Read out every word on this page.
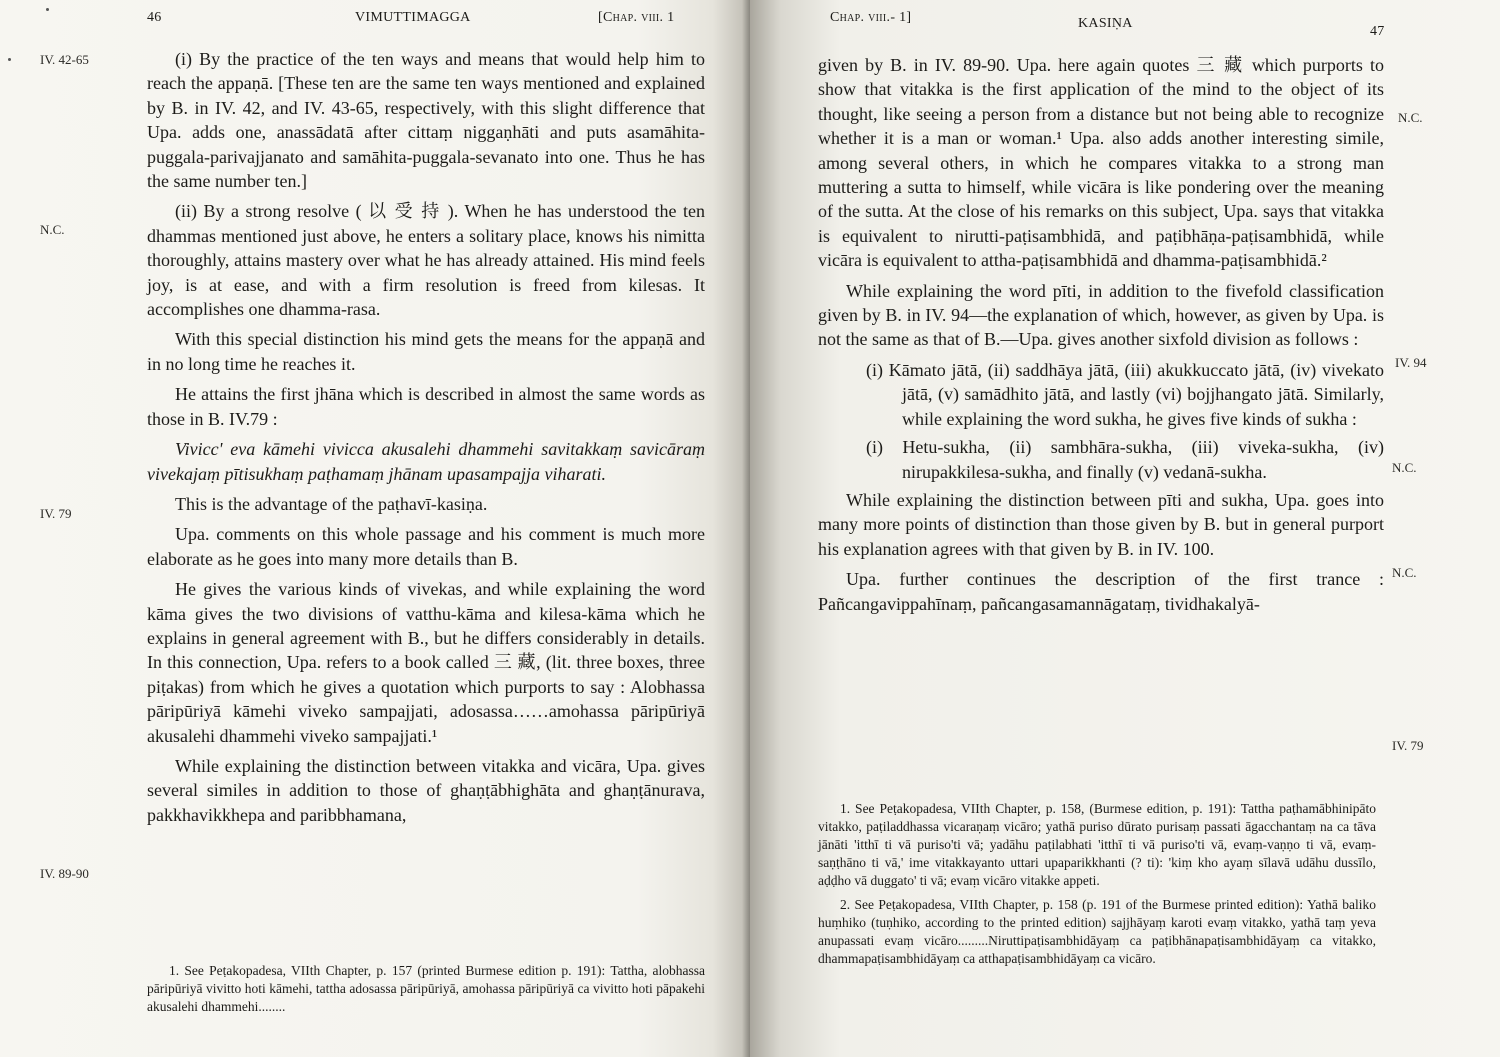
46	VIMUTTIMAGGA	[Chap. viii. 1
IV. 42-65
N.C.
IV. 79
IV. 89-90

(i) By the practice of the ten ways and means that would help him to reach the appaṇā. [These ten are the same ten ways mentioned and explained by B. in IV. 42, and IV. 43-65, respectively, with this slight difference that Upa. adds one, anassādatā after cittaṃ niggaṇhāti and puts asamāhita-puggala-parivajjanato and samāhita-puggala-sevanato into one. Thus he has the same number ten.]

(ii) By a strong resolve ( 以 受 持 ). When he has understood the ten dhammas mentioned just above, he enters a solitary place, knows his nimitta thoroughly, attains mastery over what he has already attained. His mind feels joy, is at ease, and with a firm resolution is freed from kilesas. It accomplishes one dhamma-rasa.

With this special distinction his mind gets the means for the appaṇā and in no long time he reaches it.

He attains the first jhāna which is described in almost the same words as those in B. IV.79 :

Vivicc' eva kāmehi vivicca akusalehi dhammehi savitakkaṃ savicāraṃ vivekajaṃ pītisukhaṃ paṭhamaṃ jhānam upasampajja viharati.

This is the advantage of the paṭhavī-kasiṇa.

Upa. comments on this whole passage and his comment is much more elaborate as he goes into many more details than B.

He gives the various kinds of vivekas, and while explaining the word kāma gives the two divisions of vatthu-kāma and kilesa-kāma which he explains in general agreement with B., but he differs considerably in details. In this connection, Upa. refers to a book called 三 藏, (lit. three boxes, three piṭakas) from which he gives a quotation which purports to say : Alobhassa pāripūriyā kāmehi viveko sampajjati, adosassa……amohassa pāripūriyā akusalehi dhammehi viveko sampajjati.¹

While explaining the distinction between vitakka and vicāra, Upa. gives several similes in addition to those of ghaṇṭābhighāta and ghaṇṭānurava, pakkhavikkhepa and paribbhamana,

1. See Peṭakopadesa, VIIth Chapter, p. 157 (printed Burmese edition p. 191): Tattha, alobhassa pāripūriyā vivitto hoti kāmehi, tattha adosassa pāripūriyā, amohassa pāripūriyā ca vivitto hoti pāpakehi akusalehi dhammehi........

Chap. viii.- 1]	KASIṆA
47
N.C.
IV. 94
N.C.
N.C.
IV. 79

given by B. in IV. 89-90. Upa. here again quotes 三 藏 which purports to show that vitakka is the first application of the mind to the object of its thought, like seeing a person from a distance but not being able to recognize whether it is a man or woman.¹ Upa. also adds another interesting simile, among several others, in which he compares vitakka to a strong man muttering a sutta to himself, while vicāra is like pondering over the meaning of the sutta. At the close of his remarks on this subject, Upa. says that vitakka is equivalent to nirutti-paṭisambhidā, and paṭibhāṇa-paṭisambhidā, while vicāra is equivalent to attha-paṭisambhidā and dhamma-paṭisambhidā.²

While explaining the word pīti, in addition to the fivefold classification given by B. in IV. 94—the explanation of which, however, as given by Upa. is not the same as that of B.—Upa. gives another sixfold division as follows :

(i) Kāmato jātā, (ii) saddhāya jātā, (iii) akukkuccato jātā, (iv) vivekato jātā, (v) samādhito jātā, and lastly (vi) bojjhangato jātā. Similarly, while explaining the word sukha, he gives five kinds of sukha :

(i) Hetu-sukha, (ii) sambhāra-sukha, (iii) viveka-sukha, (iv) nirupakkilesa-sukha, and finally (v) vedanā-sukha.

While explaining the distinction between pīti and sukha, Upa. goes into many more points of distinction than those given by B. but in general purport his explanation agrees with that given by B. in IV. 100.

Upa. further continues the description of the first trance : Pañcangavippahīnaṃ, pañcangasamannāgataṃ, tividhakalyā-

1. See Peṭakopadesa, VIIth Chapter, p. 158, (Burmese edition, p. 191): Tattha paṭhamābhinipāto vitakko, paṭiladdhassa vicaraṇaṃ vicāro; yathā puriso dūrato purisaṃ passati āgacchantaṃ na ca tāva jānāti 'itthī ti vā puriso'ti vā; yadāhu paṭilabhati 'itthī ti vā puriso'ti vā, evaṃ-vaṇṇo ti vā, evaṃ-saṇṭhāno ti vā,' ime vitakkayanto uttari upaparikkhanti (? ti): 'kiṃ kho ayaṃ sīlavā udāhu dussīlo, aḍḍho vā duggato' ti vā; evaṃ vicāro vitakke appeti.

2. See Peṭakopadesa, VIIth Chapter, p. 158 (p. 191 of the Burmese printed edition): Yathā baliko huṃhiko (tuṇhiko, according to the printed edition) sajjhāyaṃ karoti evaṃ vitakko, yathā taṃ yeva anupassati evaṃ vicāro.........Niruttipaṭisambhidāyaṃ ca paṭibhānapaṭisambhidāyaṃ ca vitakko, dhammapaṭisambhidāyaṃ ca atthapaṭisambhidāyaṃ ca vicāro.
